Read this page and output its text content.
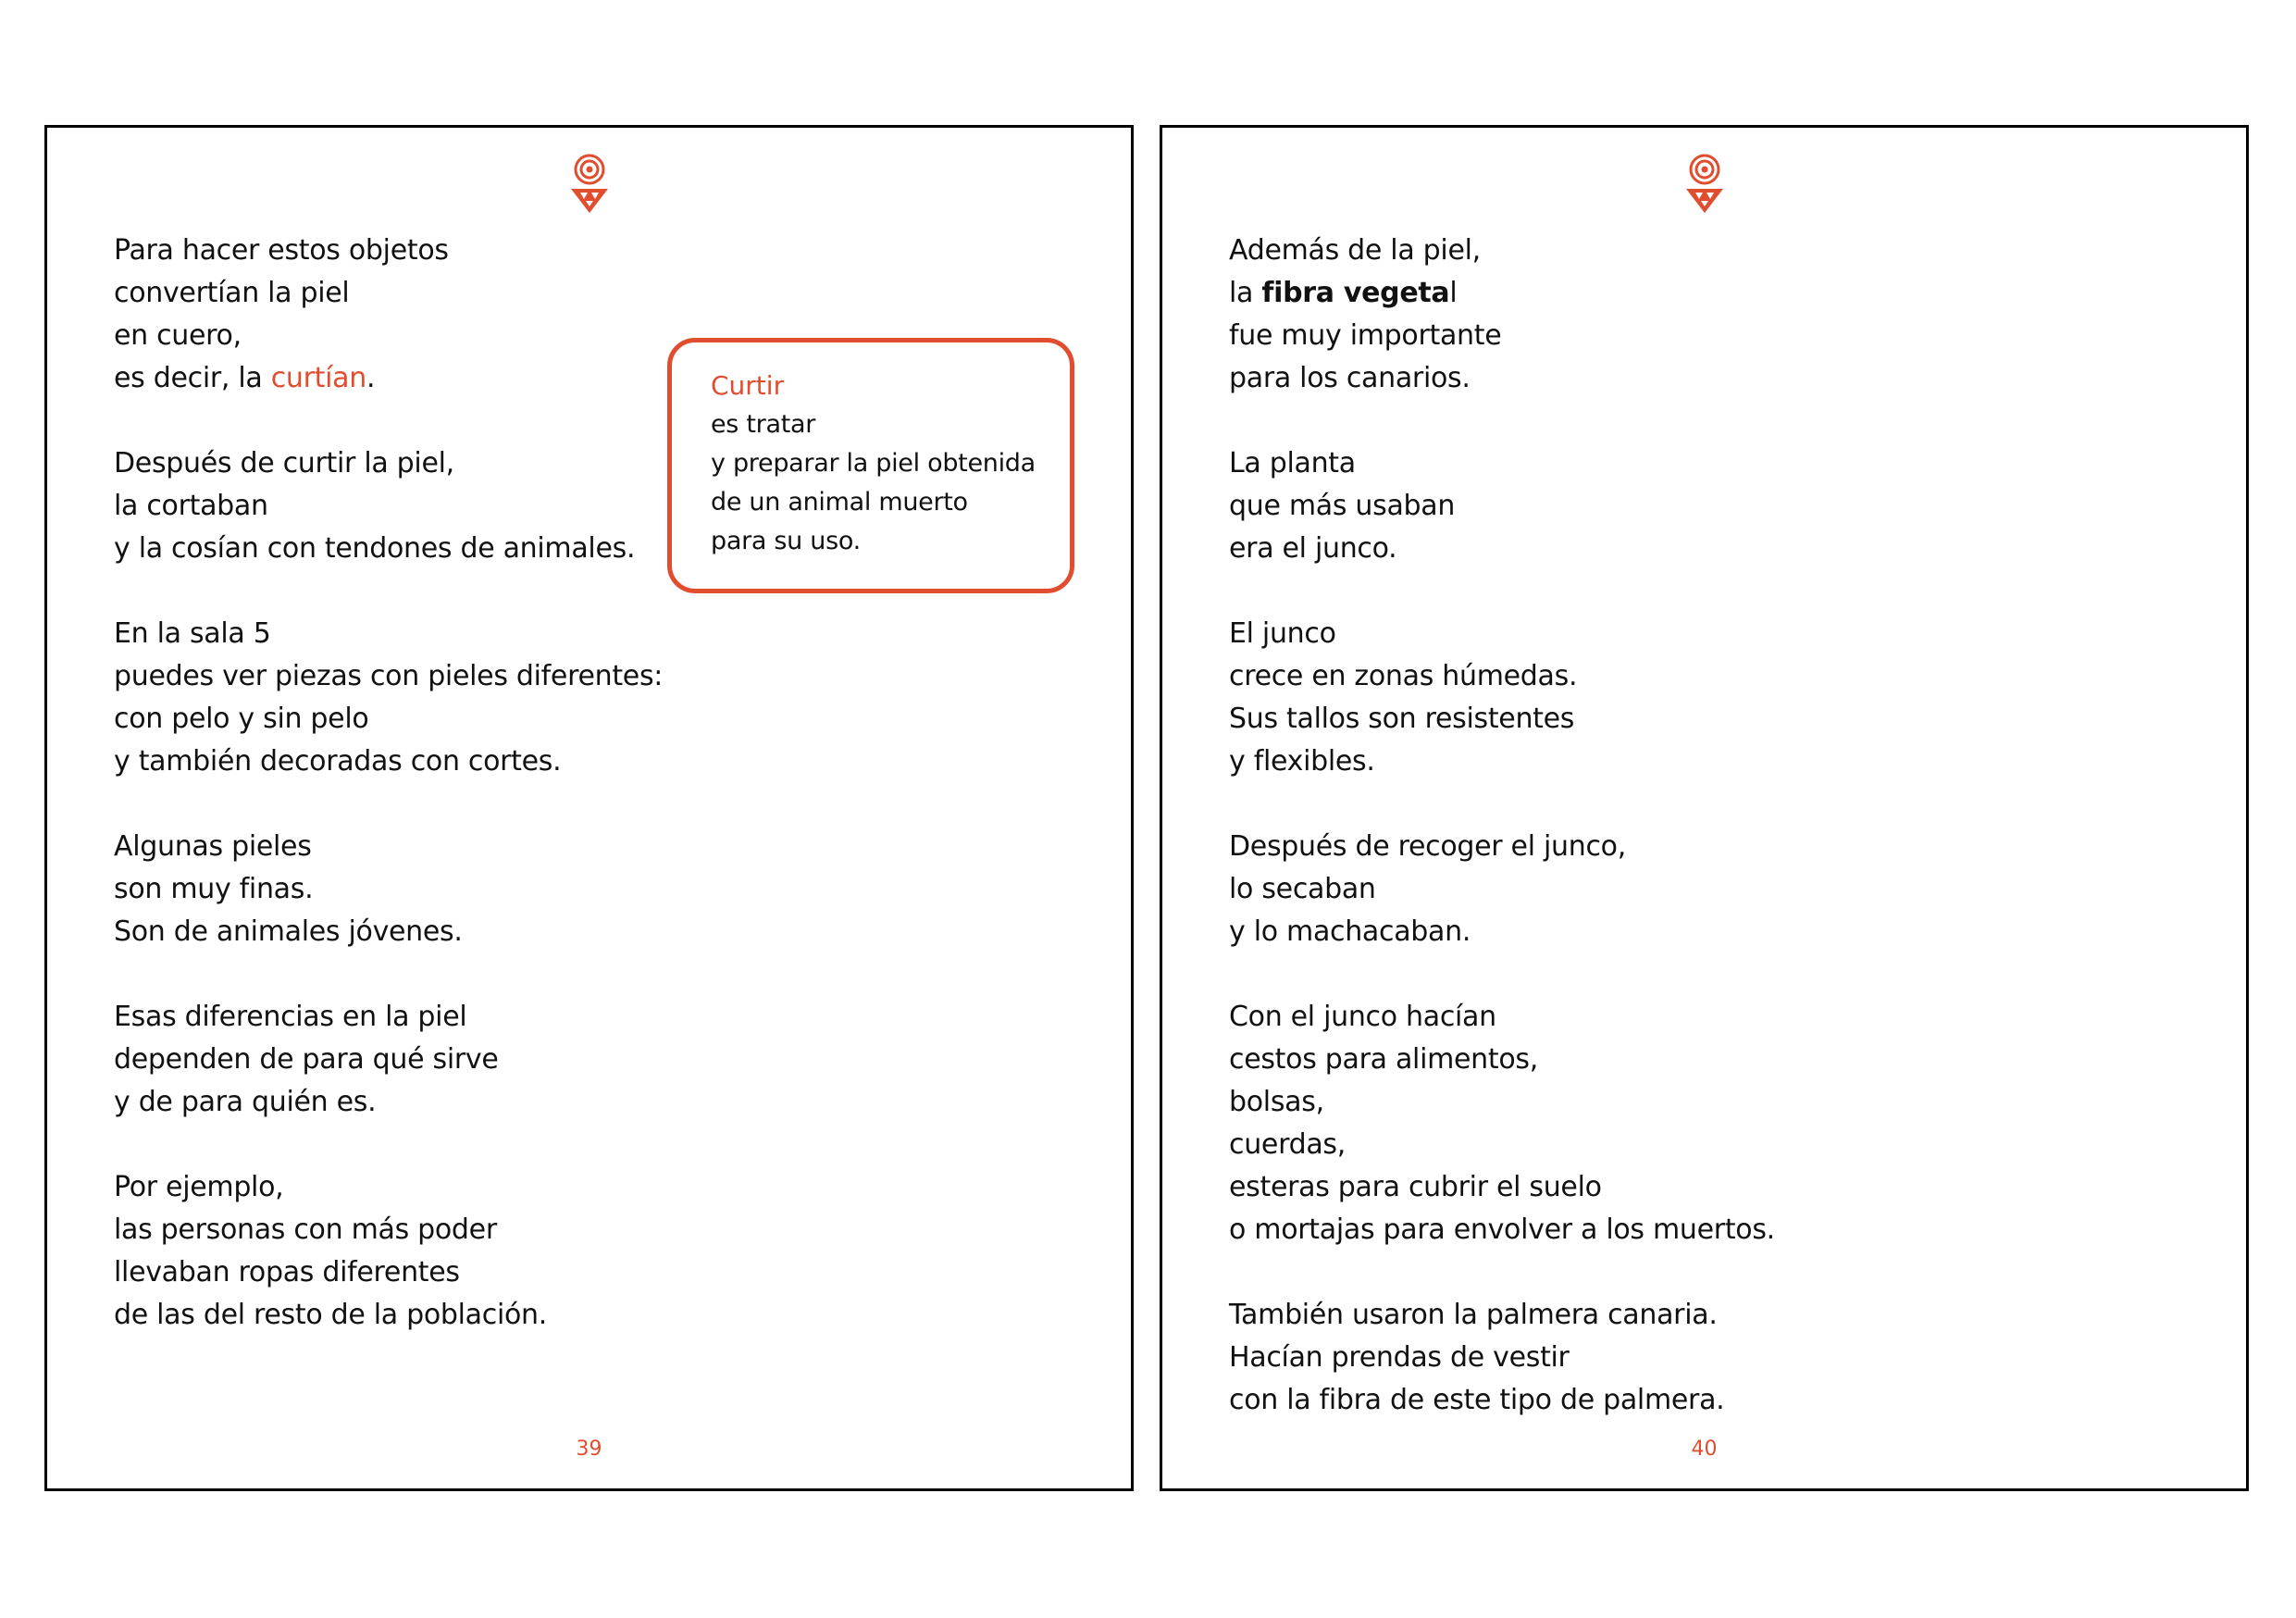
Para hacer estos objetos
convertían la piel
en cuero,
es decir, la curtían.
Después de curtir la piel,
la cortaban
y la cosían con tendones de animales.
En la sala 5
puedes ver piezas con pieles diferentes:
con pelo y sin pelo
y también decoradas con cortes.
Algunas pieles
son muy finas.
Son de animales jóvenes.
Esas diferencias en la piel
dependen de para qué sirve
y de para quién es.
Por ejemplo,
las personas con más poder
llevaban ropas diferentes
de las del resto de la población.
Curtir
es tratar
y preparar la piel obtenida
de un animal muerto
para su uso.
39
Además de la piel,
la fibra vegetal
fue muy importante
para los canarios.
La planta
que más usaban
era el junco.
El junco
crece en zonas húmedas.
Sus tallos son resistentes
y flexibles.
Después de recoger el junco,
lo secaban
y lo machacaban.
Con el junco hacían
cestos para alimentos,
bolsas,
cuerdas,
esteras para cubrir el suelo
o mortajas para envolver a los muertos.
También usaron la palmera canaria.
Hacían prendas de vestir
con la fibra de este tipo de palmera.
40
